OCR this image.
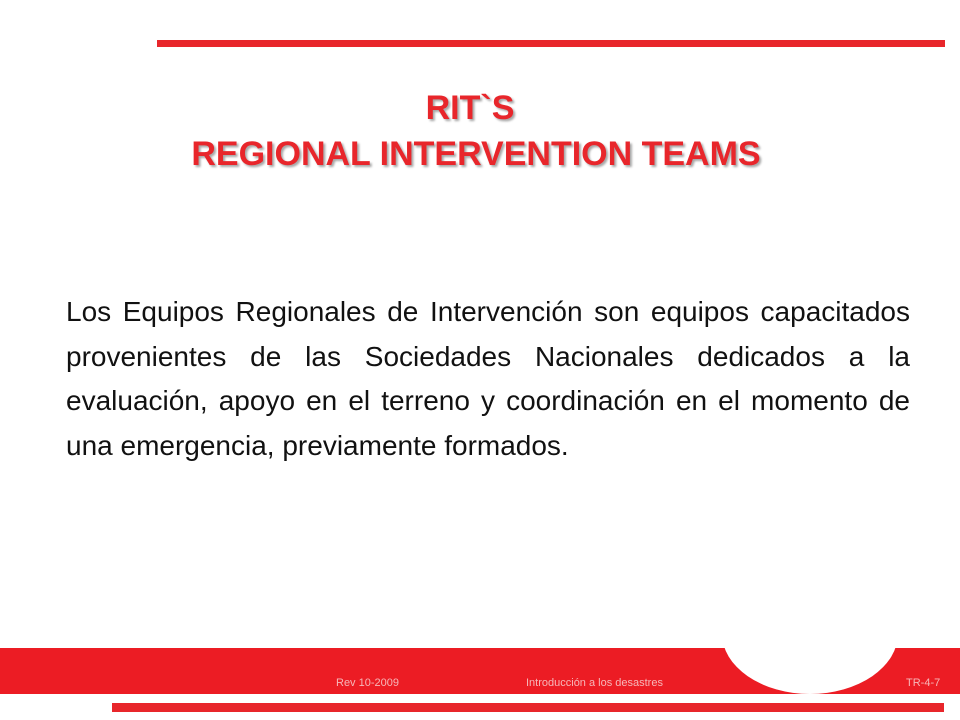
RIT`S
REGIONAL INTERVENTION TEAMS

Los Equipos Regionales de Intervención son equipos capacitados provenientes de las Sociedades Nacionales dedicados a la evaluación, apoyo en el terreno y coordinación en el momento de una emergencia, previamente formados.

Rev 10-2009	Introducción a los desastres	TR-4-7
